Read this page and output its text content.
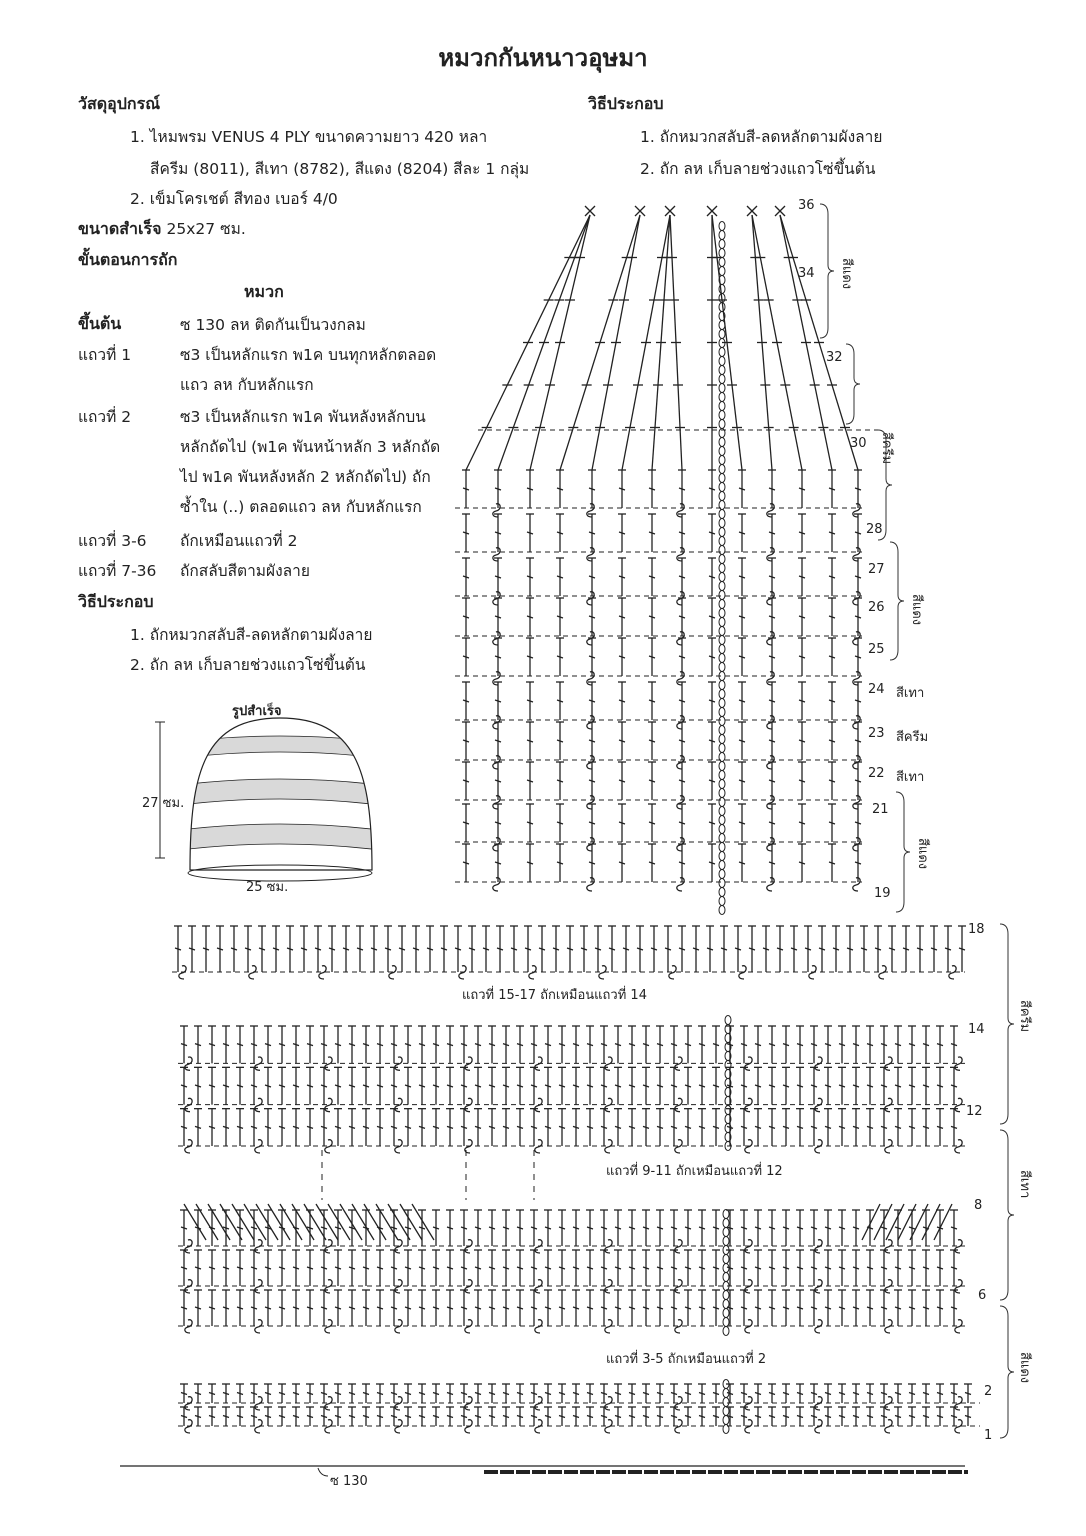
หมวกกันหนาวอุษมา
วัสดุอุปกรณ์
1. ไหมพรม VENUS 4 PLY ขนาดความยาว 420 หลา
สีครีม (8011), สีเทา (8782), สีแดง (8204) สีละ 1 กลุ่ม
2. เข็มโครเชต์ สีทอง เบอร์ 4/0
ขนาดสำเร็จ 25x27 ซม.
ขั้นตอนการถัก
หมวก
ขึ้นต้น	ซ 130 ลห ติดกันเป็นวงกลม
แถวที่ 1	ซ3 เป็นหลักแรก พ1ค บนทุกหลักตลอด
แถว ลห กับหลักแรก
แถวที่ 2	ซ3 เป็นหลักแรก พ1ค พันหลังหลักบน
หลักถัดไป (พ1ค พันหน้าหลัก 3 หลักถัด
ไป พ1ค พันหลังหลัก 2 หลักถัดไป) ถัก
ซ้ำใน (..) ตลอดแถว ลห กับหลักแรก
แถวที่ 3-6 ถักเหมือนแถวที่ 2
แถวที่ 7-36 ถักสลับสีตามผังลาย
วิธีประกอบ
1. ถักหมวกสลับสี-ลดหลักตามผังลาย
2. ถัก ลห เก็บลายช่วงแถวโซ่ขึ้นต้น
วิธีประกอบ
1. ถักหมวกสลับสี-ลดหลักตามผังลาย
2. ถัก ลห เก็บลายช่วงแถวโซ่ขึ้นต้น
รูปสำเร็จ
27 ซม.
25 ซม.
36
34
32
30
28
27
26
25
24
23
22
21
19
18
14
12
8
6
2
1
สีเทา
สีครีม
สีเทา
สีแดง
สีครีม
สีแดง
สีแดง
สีครีม
สีเทา
สีแดง
แถวที่ 15-17 ถักเหมือนแถวที่ 14
แถวที่ 9-11 ถักเหมือนแถวที่ 12
แถวที่ 3-5 ถักเหมือนแถวที่ 2
ซ 130
